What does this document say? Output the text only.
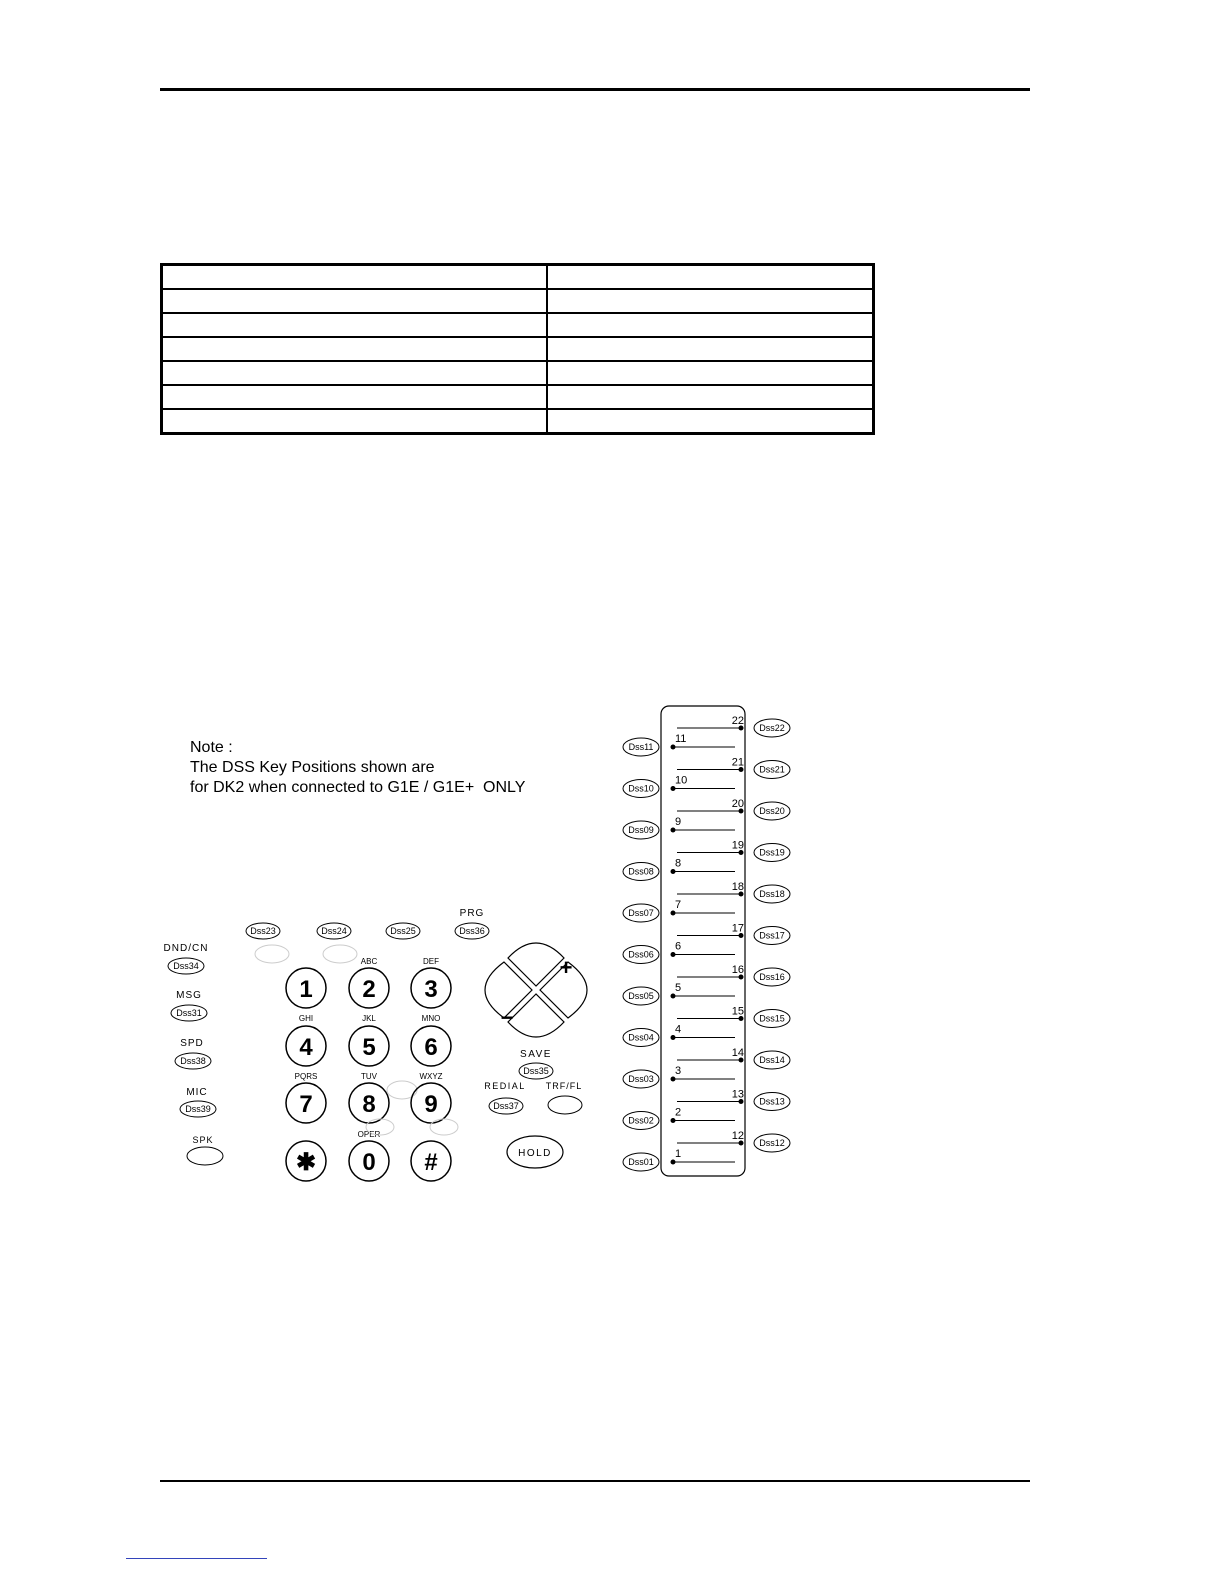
Note :
The DSS Key Positions shown are
for DK2 when connected to G1E / G1E+  ONLY
DND/CN
Dss34
MSG
Dss31
SPD
Dss38
MIC
Dss39
SPK
Dss23	Dss24	Dss25
PRG
Dss36
1
ABC
2
DEF
3
GHI
4
JKL
5
MNO
6
PQRS
7
TUV
8
WXYZ
9
✱
OPER
0 #
+
−
SAVE
Dss35
REDIAL
Dss37
TRF/FL
HOLD
22
Dss22
21
Dss21
20
Dss20
19
Dss19
18
Dss18
17
Dss17
16
Dss16
15
Dss15
14
Dss14
13
Dss13
12
Dss12
11
Dss11
10
Dss10
9
Dss09
8
Dss08
7
Dss07
6
Dss06
5
Dss05
4
Dss04
3
Dss03
2
Dss02
1
Dss01
